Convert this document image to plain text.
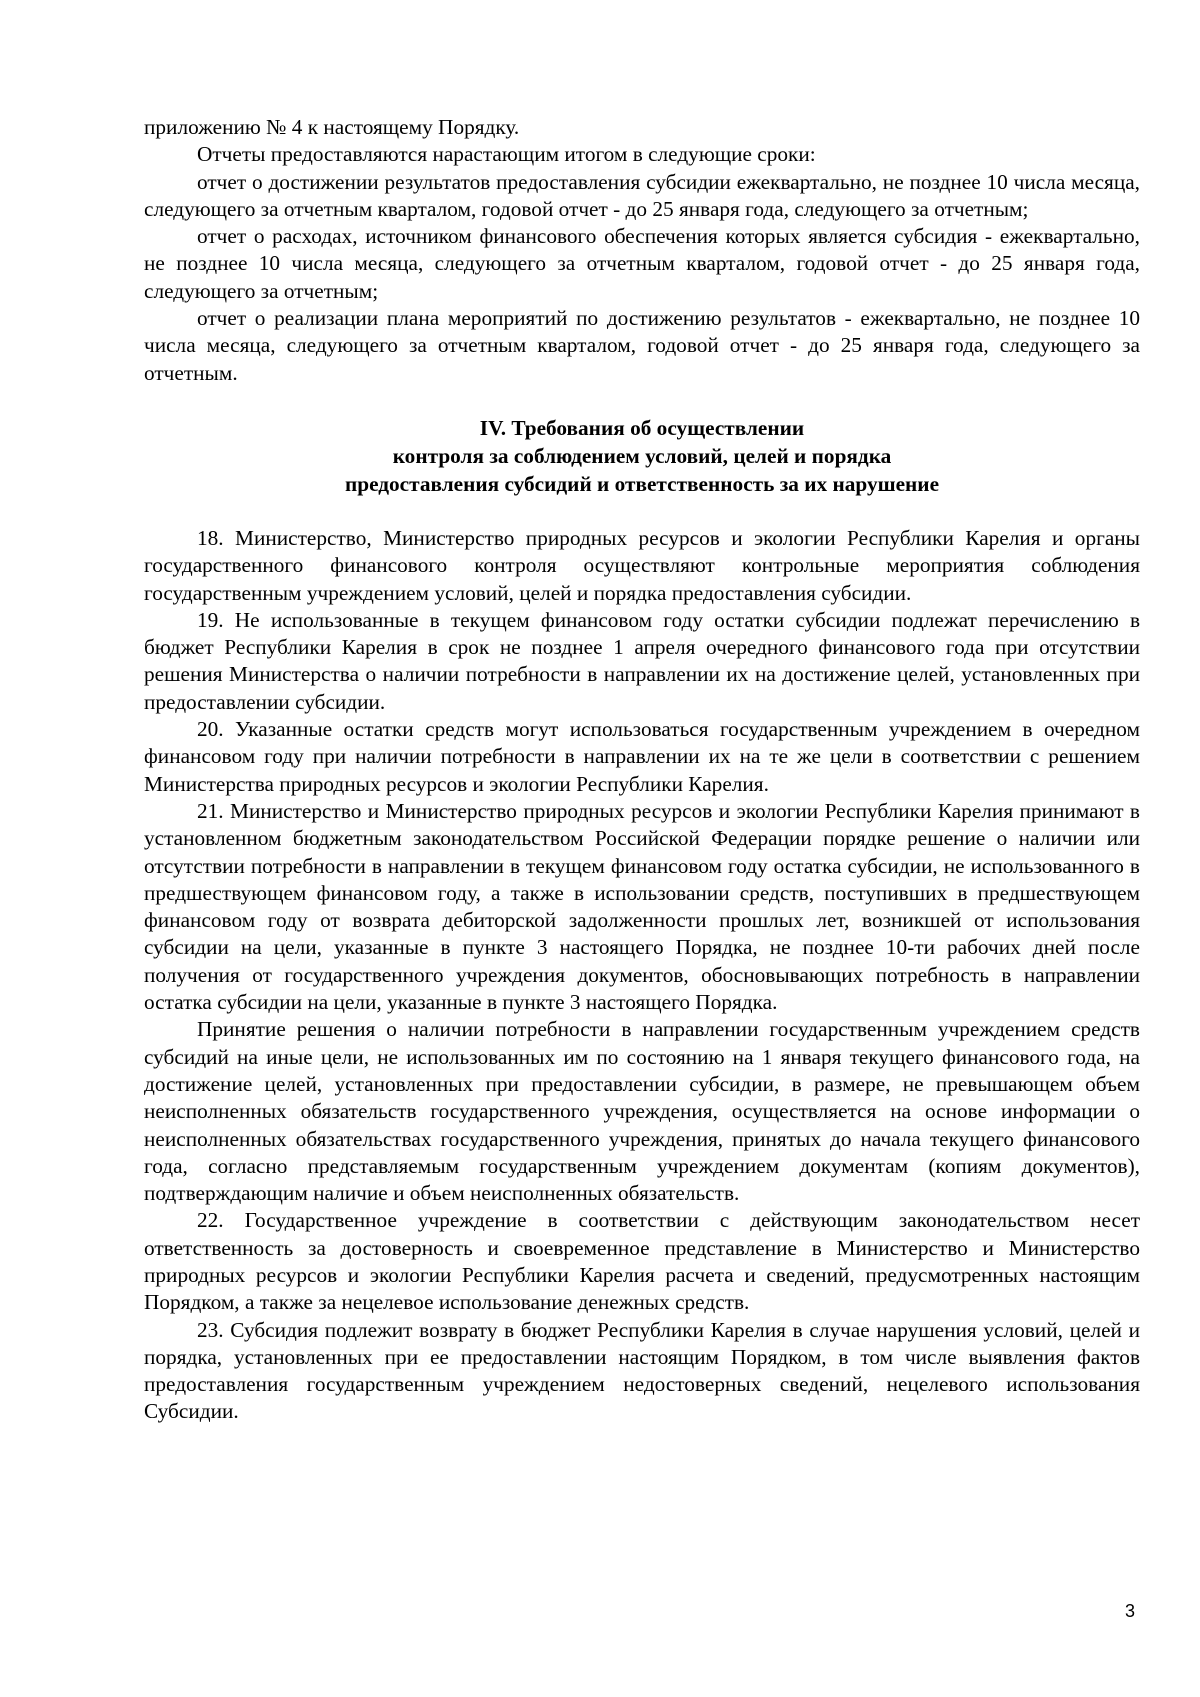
приложению № 4 к настоящему Порядку.

Отчеты предоставляются нарастающим итогом в следующие сроки:

отчет о достижении результатов предоставления субсидии ежеквартально, не позднее 10 числа месяца, следующего за отчетным кварталом, годовой отчет - до 25 января года, следующего за отчетным;

отчет о расходах, источником финансового обеспечения которых является субсидия - ежеквартально, не позднее 10 числа месяца, следующего за отчетным кварталом, годовой отчет - до 25 января года, следующего за отчетным;

отчет о реализации плана мероприятий по достижению результатов - ежеквартально, не позднее 10 числа месяца, следующего за отчетным кварталом, годовой отчет - до 25 января года, следующего за отчетным.

IV. Требования об осуществлении

контроля за соблюдением условий, целей и порядка

предоставления субсидий и ответственность за их нарушение

18. Министерство, Министерство природных ресурсов и экологии Республики Карелия и органы государственного финансового контроля осуществляют контрольные мероприятия соблюдения государственным учреждением условий, целей и порядка предоставления субсидии.

19. Не использованные в текущем финансовом году остатки субсидии подлежат перечислению в бюджет Республики Карелия в срок не позднее 1 апреля очередного финансового года при отсутствии решения Министерства о наличии потребности в направлении их на достижение целей, установленных при предоставлении субсидии.

20. Указанные остатки средств могут использоваться государственным учреждением в очередном финансовом году при наличии потребности в направлении их на те же цели в соответствии с решением Министерства природных ресурсов и экологии Республики Карелия.

21. Министерство и Министерство природных ресурсов и экологии Республики Карелия принимают в установленном бюджетным законодательством Российской Федерации порядке решение о наличии или отсутствии потребности в направлении в текущем финансовом году остатка субсидии, не использованного в предшествующем финансовом году, а также в использовании средств, поступивших в предшествующем финансовом году от возврата дебиторской задолженности прошлых лет, возникшей от использования субсидии на цели, указанные в пункте 3 настоящего Порядка, не позднее 10-ти рабочих дней после получения от государственного учреждения документов, обосновывающих потребность в направлении остатка субсидии на цели, указанные в пункте 3 настоящего Порядка.

Принятие решения о наличии потребности в направлении государственным учреждением средств субсидий на иные цели, не использованных им по состоянию на 1 января текущего финансового года, на достижение целей, установленных при предоставлении субсидии, в размере, не превышающем объем неисполненных обязательств государственного учреждения, осуществляется на основе информации о неисполненных обязательствах государственного учреждения, принятых до начала текущего финансового года, согласно представляемым государственным учреждением документам (копиям документов), подтверждающим наличие и объем неисполненных обязательств.

22. Государственное учреждение в соответствии с действующим законодательством несет ответственность за достоверность и своевременное представление в Министерство и Министерство природных ресурсов и экологии Республики Карелия расчета и сведений, предусмотренных настоящим Порядком, а также за нецелевое использование денежных средств.

23. Субсидия подлежит возврату в бюджет Республики Карелия в случае нарушения условий, целей и порядка, установленных при ее предоставлении настоящим Порядком, в том числе выявления фактов предоставления государственным учреждением недостоверных сведений, нецелевого использования Субсидии.

3
